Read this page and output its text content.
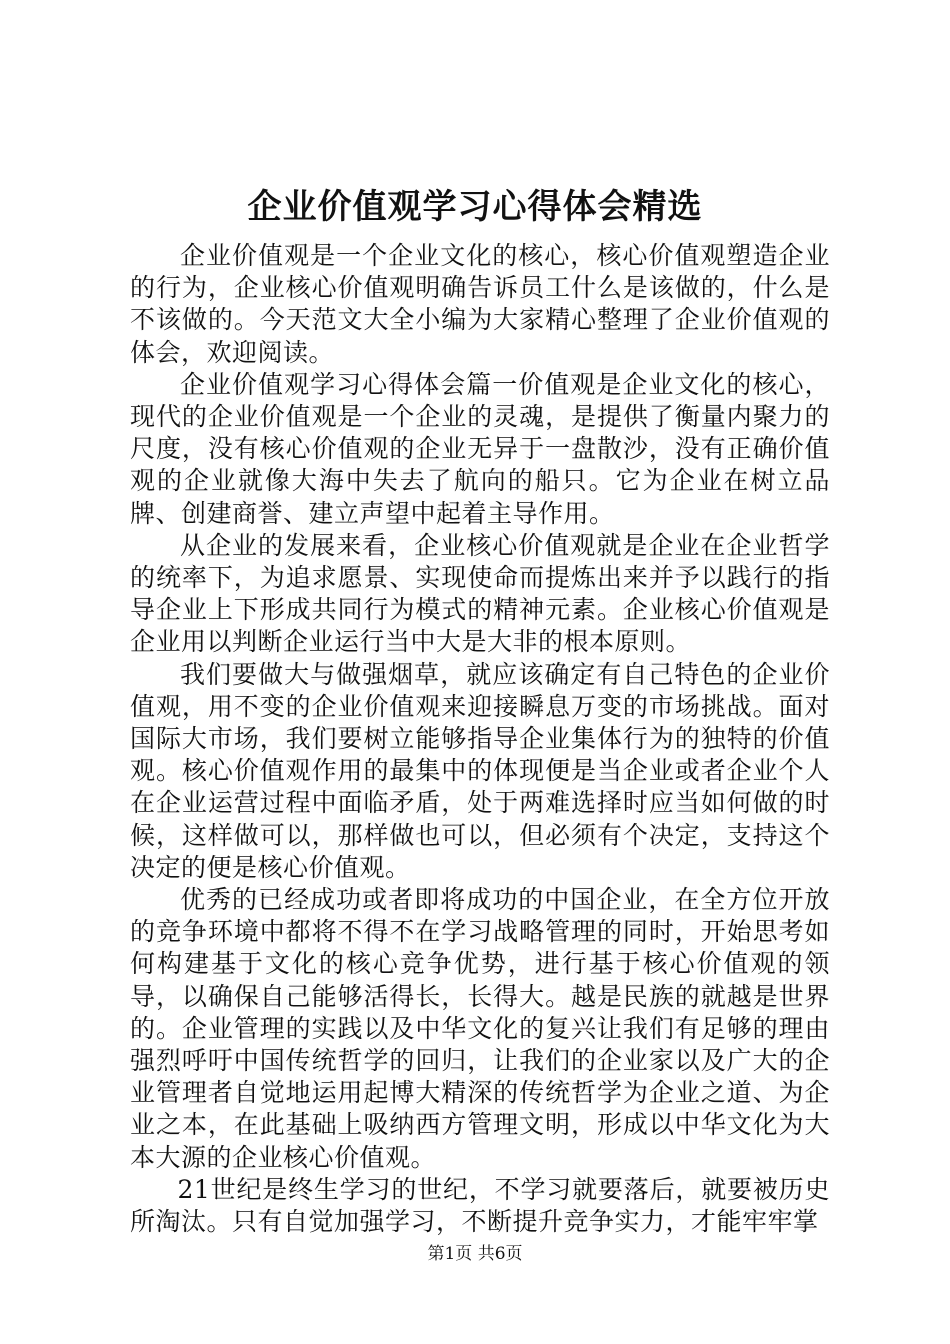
企业价值观学习心得体会精选

企业价值观是一个企业文化的核心，核心价值观塑造企业的行为，企业核心价值观明确告诉员工什么是该做的，什么是不该做的。今天范文大全小编为大家精心整理了企业价值观的体会，欢迎阅读。

企业价值观学习心得体会篇一价值观是企业文化的核心，现代的企业价值观是一个企业的灵魂，是提供了衡量内聚力的尺度，没有核心价值观的企业无异于一盘散沙，没有正确价值观的企业就像大海中失去了航向的船只。它为企业在树立品牌、创建商誉、建立声望中起着主导作用。

从企业的发展来看，企业核心价值观就是企业在企业哲学的统率下，为追求愿景、实现使命而提炼出来并予以践行的指导企业上下形成共同行为模式的精神元素。企业核心价值观是企业用以判断企业运行当中大是大非的根本原则。

我们要做大与做强烟草，就应该确定有自己特色的企业价值观，用不变的企业价值观来迎接瞬息万变的市场挑战。面对国际大市场，我们要树立能够指导企业集体行为的独特的价值观。核心价值观作用的最集中的体现便是当企业或者企业个人在企业运营过程中面临矛盾，处于两难选择时应当如何做的时候，这样做可以，那样做也可以，但必须有个决定，支持这个决定的便是核心价值观。

优秀的已经成功或者即将成功的中国企业，在全方位开放的竞争环境中都将不得不在学习战略管理的同时，开始思考如何构建基于文化的核心竞争优势，进行基于核心价值观的领导，以确保自己能够活得长，长得大。越是民族的就越是世界的。企业管理的实践以及中华文化的复兴让我们有足够的理由强烈呼吁中国传统哲学的回归，让我们的企业家以及广大的企业管理者自觉地运用起博大精深的传统哲学为企业之道、为企业之本，在此基础上吸纳西方管理文明，形成以中华文化为大本大源的企业核心价值观。

21世纪是终生学习的世纪，不学习就要落后，就要被历史所淘汰。只有自觉加强学习，不断提升竞争实力，才能牢牢掌

第1页 共6页
